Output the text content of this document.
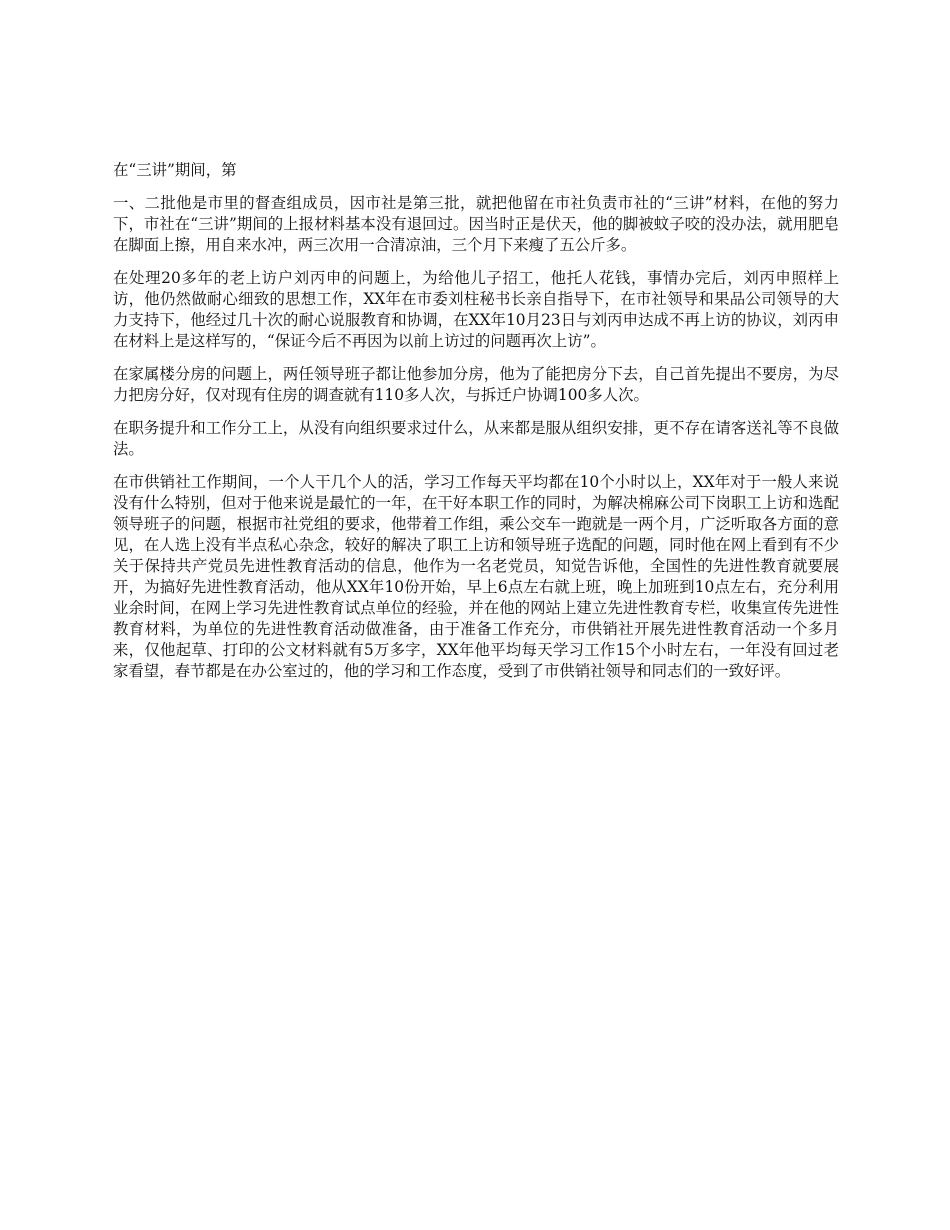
在“三讲”期间，第

一、二批他是市里的督查组成员，因市社是第三批，就把他留在市社负责市社的“三讲”材料，在他的努力下，市社在“三讲”期间的上报材料基本没有退回过。因当时正是伏天，他的脚被蚊子咬的没办法，就用肥皂在脚面上擦，用自来水冲，两三次用一合清凉油，三个月下来瘦了五公斤多。

在处理20多年的老上访户刘丙申的问题上，为给他儿子招工，他托人花钱，事情办完后，刘丙申照样上访，他仍然做耐心细致的思想工作，XX年在市委刘柱秘书长亲自指导下，在市社领导和果品公司领导的大力支持下，他经过几十次的耐心说服教育和协调，在XX年10月23日与刘丙申达成不再上访的协议，刘丙申在材料上是这样写的，“保证今后不再因为以前上访过的问题再次上访”。

在家属楼分房的问题上，两任领导班子都让他参加分房，他为了能把房分下去，自己首先提出不要房，为尽力把房分好，仅对现有住房的调查就有110多人次，与拆迁户协调100多人次。

在职务提升和工作分工上，从没有向组织要求过什么，从来都是服从组织安排，更不存在请客送礼等不良做法。

在市供销社工作期间，一个人干几个人的活，学习工作每天平均都在10个小时以上，XX年对于一般人来说没有什么特别，但对于他来说是最忙的一年，在干好本职工作的同时，为解决棉麻公司下岗职工上访和选配领导班子的问题，根据市社党组的要求，他带着工作组，乘公交车一跑就是一两个月，广泛听取各方面的意见，在人选上没有半点私心杂念，较好的解决了职工上访和领导班子选配的问题，同时他在网上看到有不少关于保持共产党员先进性教育活动的信息，他作为一名老党员，知觉告诉他，全国性的先进性教育就要展开，为搞好先进性教育活动，他从XX年10份开始，早上6点左右就上班，晚上加班到10点左右，充分利用业余时间，在网上学习先进性教育试点单位的经验，并在他的网站上建立先进性教育专栏，收集宣传先进性教育材料，为单位的先进性教育活动做准备，由于准备工作充分，市供销社开展先进性教育活动一个多月来，仅他起草、打印的公文材料就有5万多字，XX年他平均每天学习工作15个小时左右，一年没有回过老家看望，春节都是在办公室过的，他的学习和工作态度，受到了市供销社领导和同志们的一致好评。
